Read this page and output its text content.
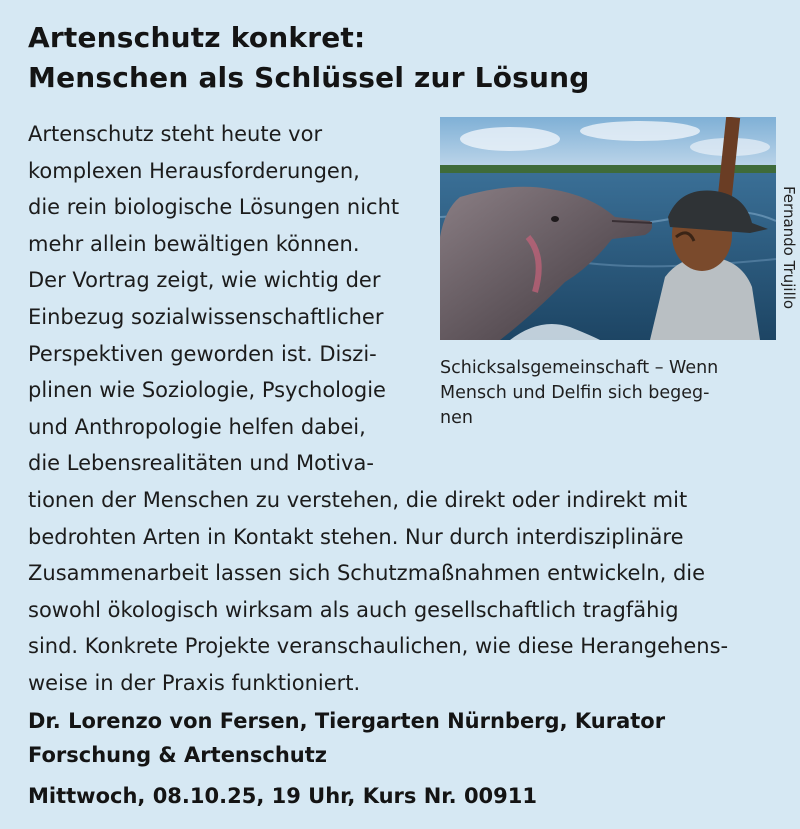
Artenschutz konkret:
Menschen als Schlüssel zur Lösung
Artenschutz steht heute vor
komplexen Herausforderungen,
die rein biologische Lösungen nicht
mehr allein bewältigen können.
Der Vortrag zeigt, wie wichtig der
Einbezug sozialwissenschaftlicher
Perspektiven geworden ist. Diszi-
plinen wie Soziologie, Psychologie
und Anthropologie helfen dabei,
die Lebensrealitäten und Motiva-
tionen der Menschen zu verstehen, die direkt oder indirekt mit
bedrohten Arten in Kontakt stehen. Nur durch interdisziplinäre
Zusammenarbeit lassen sich Schutzmaßnahmen entwickeln, die
sowohl ökologisch wirksam als auch gesellschaftlich tragfähig
sind. Konkrete Projekte veranschaulichen, wie diese Herangehens-
weise in der Praxis funktioniert.
Fernando Trujillo
Schicksalsgemeinschaft – Wenn
Mensch und Delfin sich begeg-
nen
Dr. Lorenzo von Fersen, Tiergarten Nürnberg, Kurator
Forschung & Artenschutz
Mittwoch, 08.10.25, 19 Uhr, Kurs Nr. 00911
